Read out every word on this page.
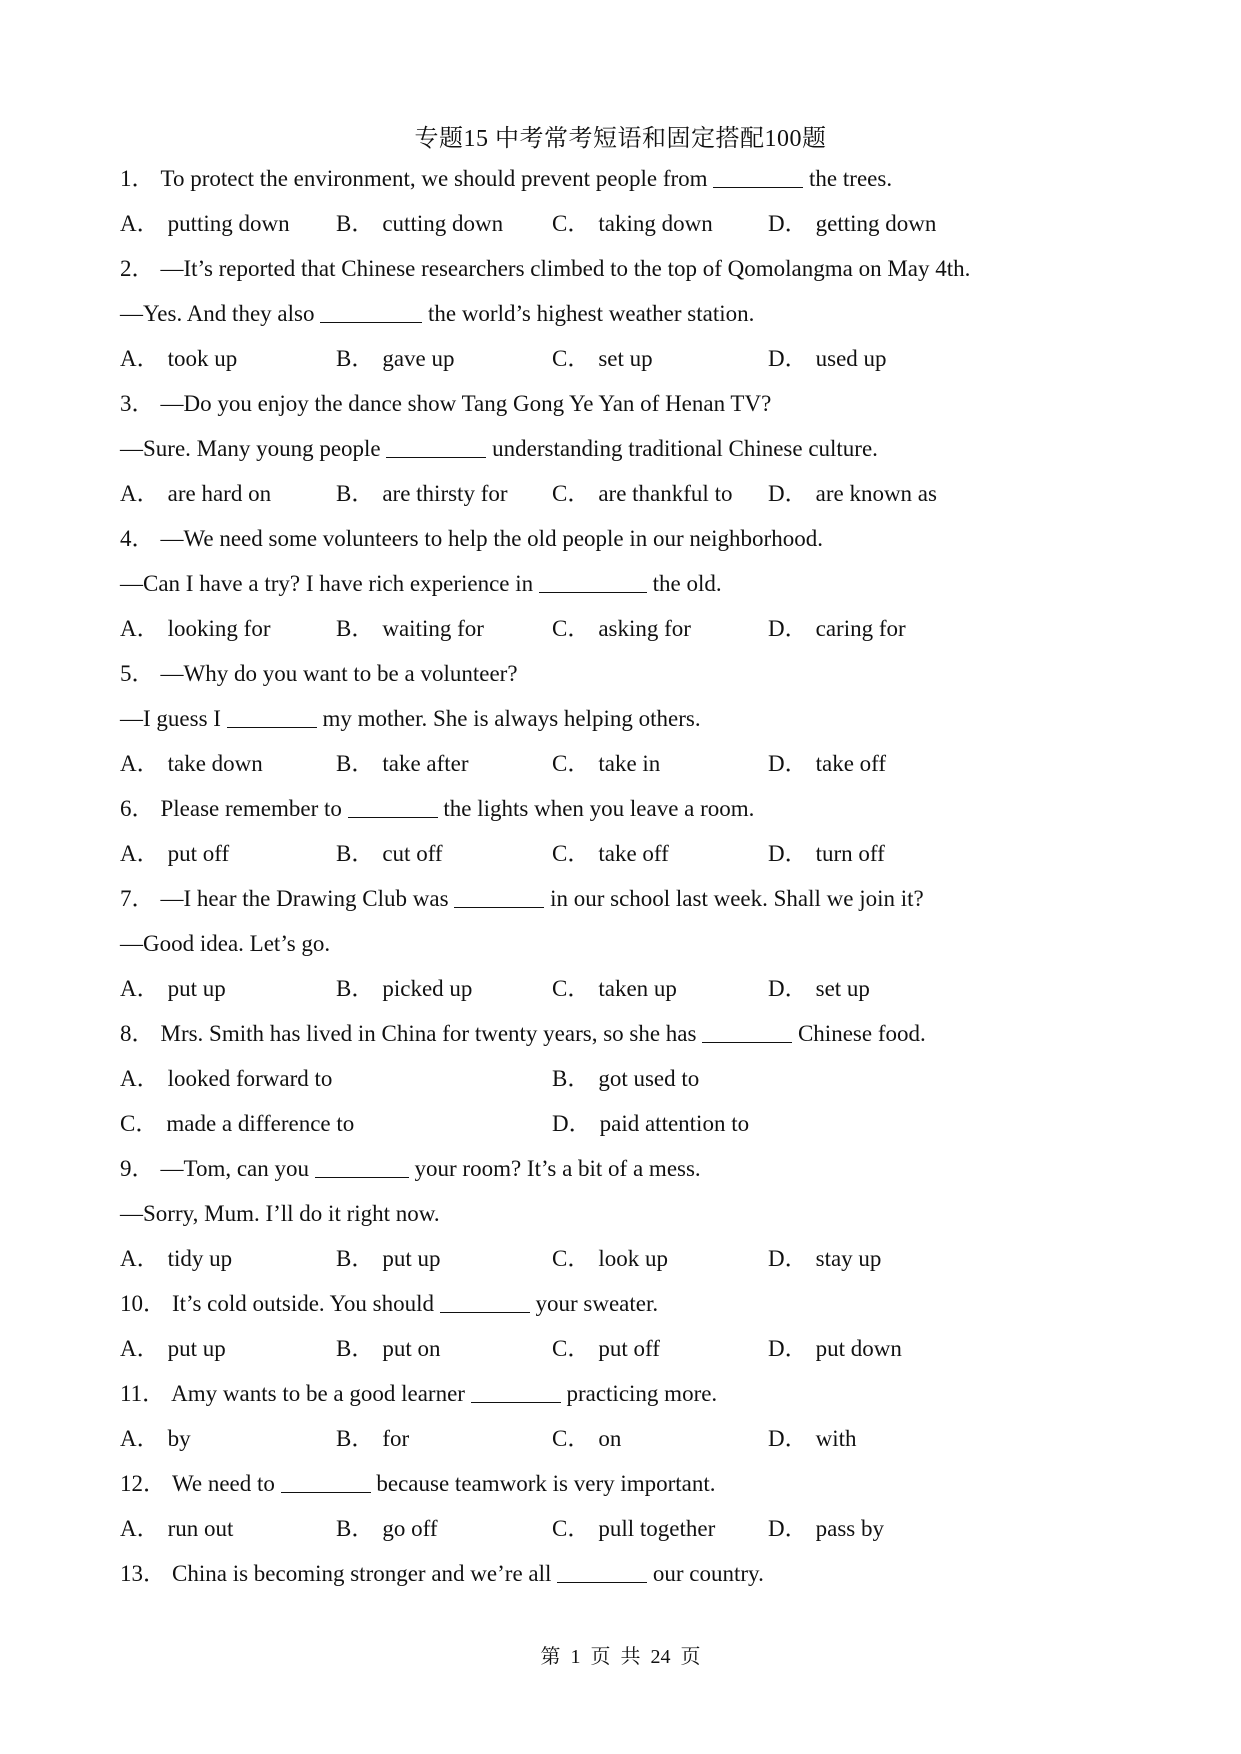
专题15 中考常考短语和固定搭配100题
1． To protect the environment, we should prevent people from	the trees.
A． putting down B． cutting down C． taking down D． getting down
2． —It’s reported that Chinese researchers climbed to the top of Qomolangma on May 4th.
—Yes. And they also	the world’s highest weather station.
A． took up	B． gave up	C． set up	D． used up
3． —Do you enjoy the dance show Tang Gong Ye Yan of Henan TV?
—Sure. Many young people	understanding traditional Chinese culture.
A． are hard on	B． are thirsty for C． are thankful to D． are known as
4． —We need some volunteers to help the old people in our neighborhood.
—Can I have a try? I have rich experience in	the old.
A． looking for	B． waiting for	C． asking for	D． caring for
5． —Why do you want to be a volunteer?
—I guess I	my mother. She is always helping others.
A． take down	B． take after	C． take in	D． take off
6． Please remember to	the lights when you leave a room.
A． put off	B． cut off	C． take off	D． turn off
7． —I hear the Drawing Club was	in our school last week. Shall we join it?
—Good idea. Let’s go.
A． put up	B． picked up	C． taken up	D． set up
8． Mrs. Smith has lived in China for twenty years, so she has	Chinese food.
A． looked forward to	B． got used to
C． made a difference to	D． paid attention to
9． —Tom, can you	your room? It’s a bit of a mess.
—Sorry, Mum. I’ll do it right now.
A． tidy up	B． put up	C． look up	D． stay up
10． It’s cold outside. You should	your sweater.
A． put up	B． put on	C． put off	D． put down
11． Amy wants to be a good learner	practicing more.
A． by	B． for	C． on	D． with
12． We need to	because teamwork is very important.
A． run out	B． go off	C． pull together D． pass by
13． China is becoming stronger and we’re all	our country.
第 1 页 共 24 页
